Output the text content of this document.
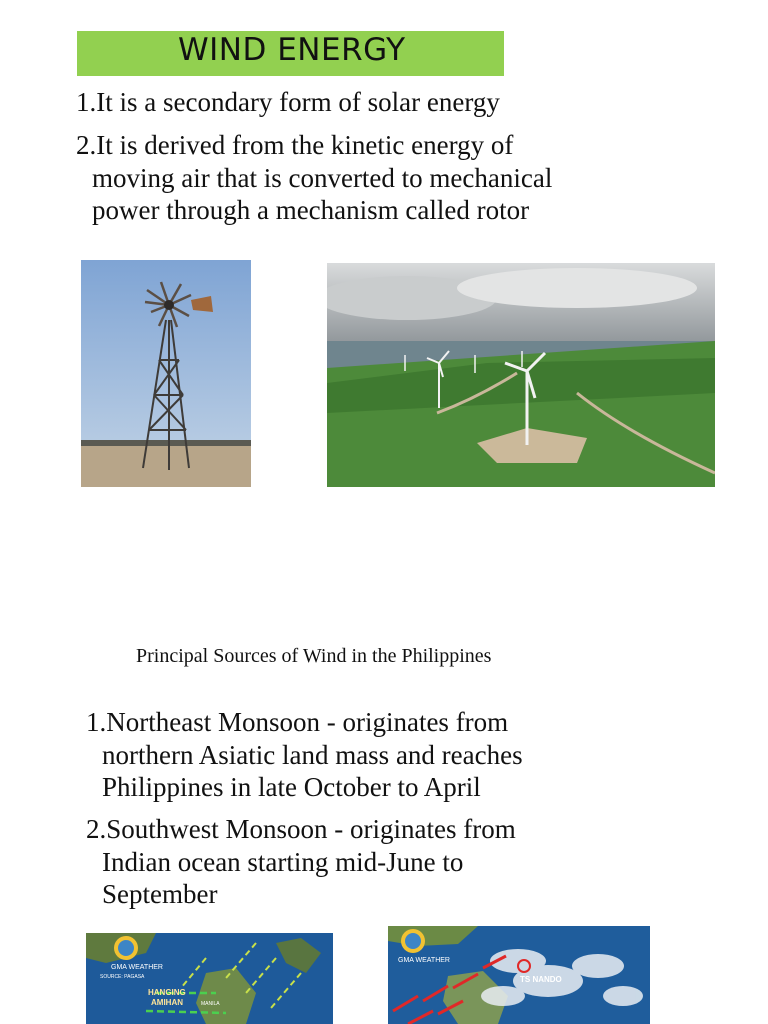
WIND ENERGY
1.It is a secondary form of solar energy
2.It is derived from the kinetic energy of
moving air that is converted to mechanical
power through a mechanism called rotor
Principal Sources of Wind in the Philippines
1.Northeast Monsoon - originates from
northern Asiatic land mass and reaches
Philippines in late October to April
2.Southwest Monsoon - originates from
Indian ocean starting mid-June to
September
GMA WEATHER
SOURCE: PAGASA
HANGING
AMIHAN	MANILA
GMA WEATHER
TS NANDO
